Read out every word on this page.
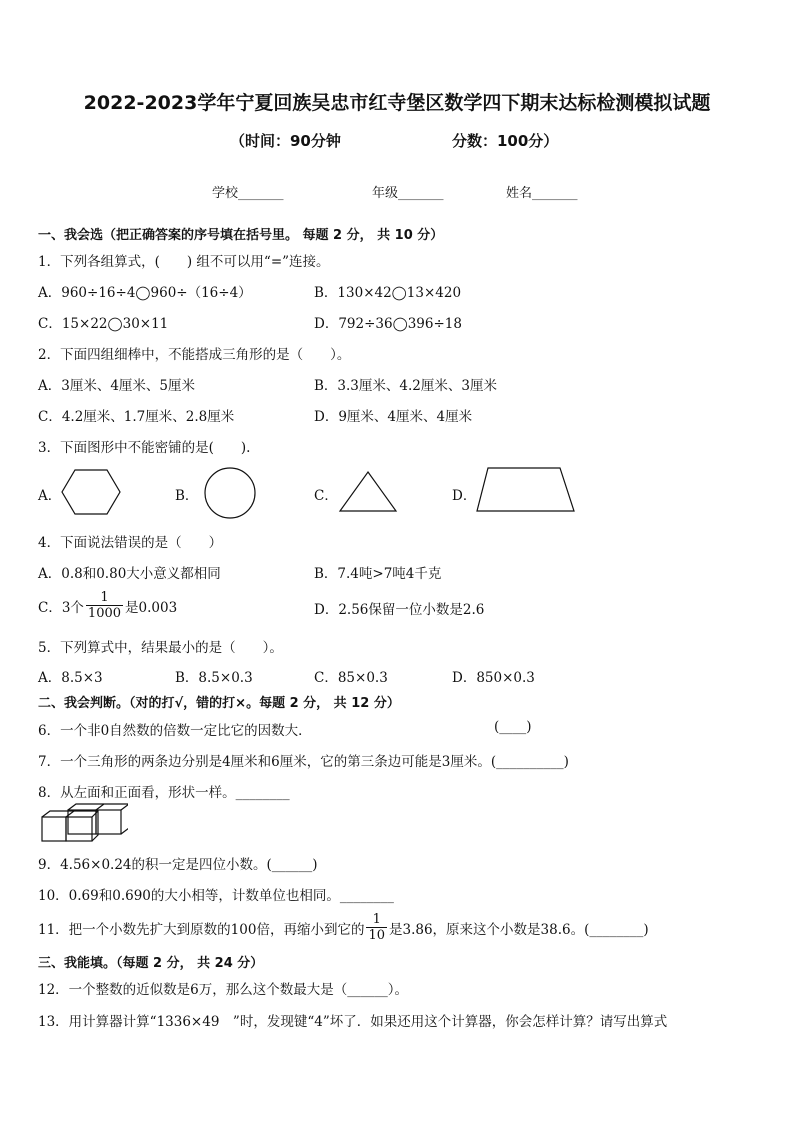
2022-2023学年宁夏回族吴忠市红寺堡区数学四下期末达标检测模拟试题
（时间：90分钟	分数：100分）
学校_______	年级_______	姓名_______
一、我会选（把正确答案的序号填在括号里。 每题 2 分， 共 10 分）
1．下列各组算式，(　　) 组不可以用“=”连接。
A．960÷16÷4◯960÷（16÷4）	B．130×42◯13×420
C．15×22◯30×11	D．792÷36◯396÷18
2．下面四组细棒中，不能搭成三角形的是（　　）。
A．3厘米、4厘米、5厘米	B．3.3厘米、4.2厘米、3厘米
C．4.2厘米、1.7厘米、2.8厘米	D．9厘米、4厘米、4厘米
3．下面图形中不能密铺的是(　　).
A．	B．	C．	D．
4．下面说法错误的是（　　）
A．0.8和0.80大小意义都相同	B．7.4吨>7吨4千克
C．3个 $\frac{1}{1000}$ 是0.003	D．2.56保留一位小数是2.6
5．下列算式中，结果最小的是（　　）。
A．8.5×3	B．8.5×0.3	C．85×0.3	D．850×0.3
二、我会判断。（对的打√，错的打×。每题 2 分， 共 12 分）
6．一个非0自然数的倍数一定比它的因数大．	(____)
7．一个三角形的两条边分别是4厘米和6厘米，它的第三条边可能是3厘米。(__________)
8．从左面和正面看，形状一样。________
9．4.56×0.24的积一定是四位小数。(______)
10．0.69和0.690的大小相等，计数单位也相同。________
11．把一个小数先扩大到原数的100倍，再缩小到它的 $\frac{1}{10}$ 是3.86，原来这个小数是38.6。(________)
三、我能填。（每题 2 分， 共 24 分）
12．一个整数的近似数是6万，那么这个数最大是（______）。
13．用计算器计算“1336×49　”时，发现键“4”坏了．如果还用这个计算器，你会怎样计算？请写出算式
